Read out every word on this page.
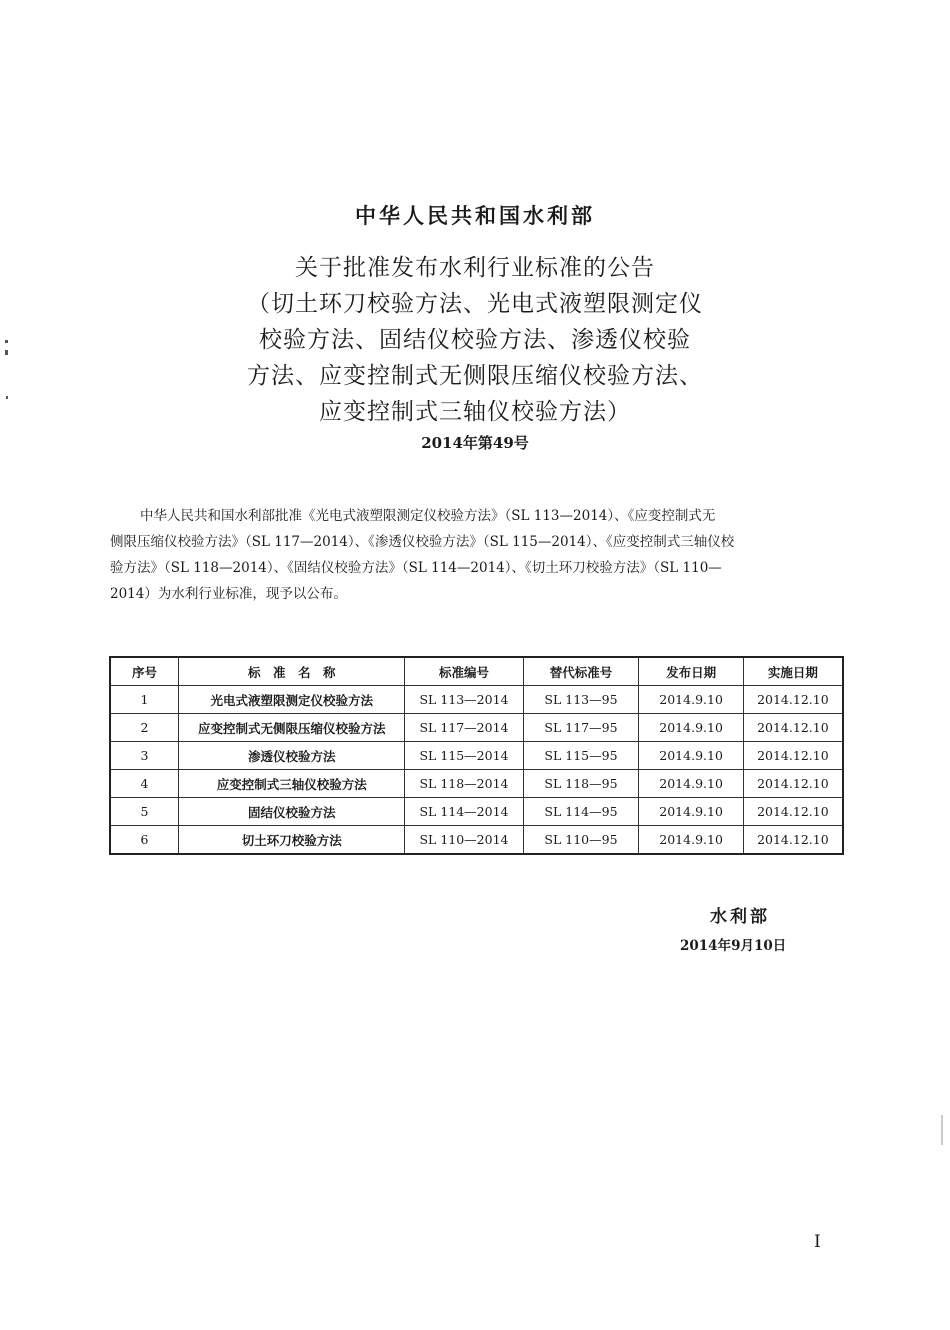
中华人民共和国水利部
关于批准发布水利行业标准的公告
（切土环刀校验方法、光电式液塑限测定仪
校验方法、固结仪校验方法、渗透仪校验
方法、应变控制式无侧限压缩仪校验方法、
应变控制式三轴仪校验方法）
2014年第49号
中华人民共和国水利部批准《光电式液塑限测定仪校验方法》（SL 113—2014）、《应变控制式无
侧限压缩仪校验方法》（SL 117—2014）、《渗透仪校验方法》（SL 115—2014）、《应变控制式三轴仪校
验方法》（SL 118—2014）、《固结仪校验方法》（SL 114—2014）、《切土环刀校验方法》（SL 110—
2014）为水利行业标准，现予以公布。
序号	标　准　名　称	标准编号	替代标准号	发布日期	实施日期
1	光电式液塑限测定仪校验方法	SL 113—2014	SL 113—95	2014.9.10	2014.12.10
2	应变控制式无侧限压缩仪校验方法	SL 117—2014	SL 117—95	2014.9.10	2014.12.10
3	渗透仪校验方法	SL 115—2014	SL 115—95	2014.9.10	2014.12.10
4	应变控制式三轴仪校验方法	SL 118—2014	SL 118—95	2014.9.10	2014.12.10
5	固结仪校验方法	SL 114—2014	SL 114—95	2014.9.10	2014.12.10
6	切土环刀校验方法	SL 110—2014	SL 110—95	2014.9.10	2014.12.10
水利部
2014年9月10日
I
